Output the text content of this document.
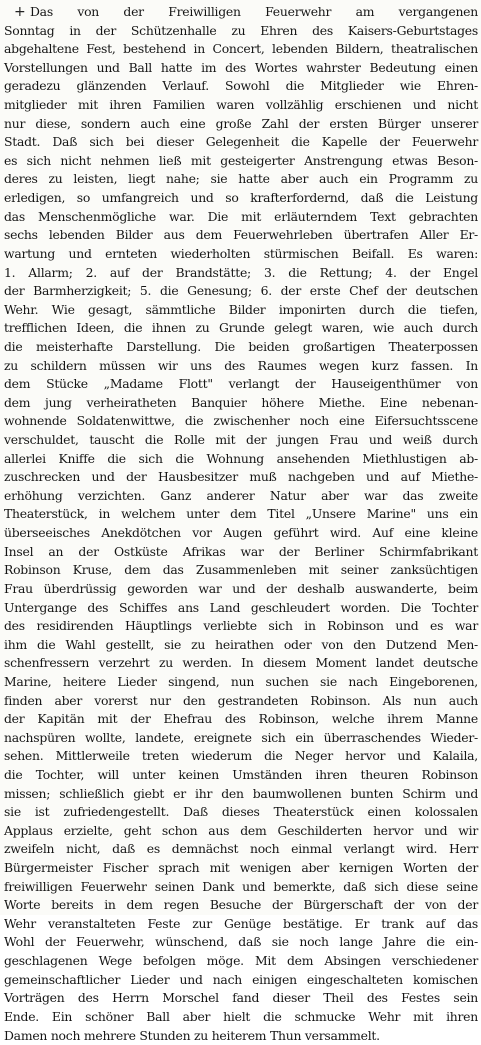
+ Das von der Freiwilligen Feuerwehr am vergangenen
Sonntag in der Schützenhalle zu Ehren des Kaisers-Geburtstages
abgehaltene Fest, bestehend in Concert, lebenden Bildern, theatralischen
Vorstellungen und Ball hatte im des Wortes wahrster Bedeutung einen
geradezu glänzenden Verlauf. Sowohl die Mitglieder wie Ehren-
mitglieder mit ihren Familien waren vollzählig erschienen und nicht
nur diese, sondern auch eine große Zahl der ersten Bürger unserer
Stadt. Daß sich bei dieser Gelegenheit die Kapelle der Feuerwehr
es sich nicht nehmen ließ mit gesteigerter Anstrengung etwas Beson-
deres zu leisten, liegt nahe; sie hatte aber auch ein Programm zu
erledigen, so umfangreich und so krafterfordernd, daß die Leistung
das Menschenmögliche war. Die mit erläuterndem Text gebrachten
sechs lebenden Bilder aus dem Feuerwehrleben übertrafen Aller Er-
wartung und ernteten wiederholten stürmischen Beifall. Es waren:
1. Allarm; 2. auf der Brandstätte; 3. die Rettung; 4. der Engel
der Barmherzigkeit; 5. die Genesung; 6. der erste Chef der deutschen
Wehr. Wie gesagt, sämmtliche Bilder imponirten durch die tiefen,
trefflichen Ideen, die ihnen zu Grunde gelegt waren, wie auch durch
die meisterhafte Darstellung. Die beiden großartigen Theaterpossen
zu schildern müssen wir uns des Raumes wegen kurz fassen. In
dem Stücke „Madame Flott" verlangt der Hauseigenthümer von
dem jung verheiratheten Banquier höhere Miethe. Eine nebenan-
wohnende Soldatenwittwe, die zwischenher noch eine Eifersuchtsscene
verschuldet, tauscht die Rolle mit der jungen Frau und weiß durch
allerlei Kniffe die sich die Wohnung ansehenden Miethlustigen ab-
zuschrecken und der Hausbesitzer muß nachgeben und auf Miethe-
erhöhung verzichten. Ganz anderer Natur aber war das zweite
Theaterstück, in welchem unter dem Titel „Unsere Marine" uns ein
überseeisches Anekdötchen vor Augen geführt wird. Auf eine kleine
Insel an der Ostküste Afrikas war der Berliner Schirmfabrikant
Robinson Kruse, dem das Zusammenleben mit seiner zanksüchtigen
Frau überdrüssig geworden war und der deshalb auswanderte, beim
Untergange des Schiffes ans Land geschleudert worden. Die Tochter
des residirenden Häuptlings verliebte sich in Robinson und es war
ihm die Wahl gestellt, sie zu heirathen oder von den Dutzend Men-
schenfressern verzehrt zu werden. In diesem Moment landet deutsche
Marine, heitere Lieder singend, nun suchen sie nach Eingeborenen,
finden aber vorerst nur den gestrandeten Robinson. Als nun auch
der Kapitän mit der Ehefrau des Robinson, welche ihrem Manne
nachspüren wollte, landete, ereignete sich ein überraschendes Wieder-
sehen. Mittlerweile treten wiederum die Neger hervor und Kalaila,
die Tochter, will unter keinen Umständen ihren theuren Robinson
missen; schließlich giebt er ihr den baumwollenen bunten Schirm und
sie ist zufriedengestellt. Daß dieses Theaterstück einen kolossalen
Applaus erzielte, geht schon aus dem Geschilderten hervor und wir
zweifeln nicht, daß es demnächst noch einmal verlangt wird. Herr
Bürgermeister Fischer sprach mit wenigen aber kernigen Worten der
freiwilligen Feuerwehr seinen Dank und bemerkte, daß sich diese seine
Worte bereits in dem regen Besuche der Bürgerschaft der von der
Wehr veranstalteten Feste zur Genüge bestätige. Er trank auf das
Wohl der Feuerwehr, wünschend, daß sie noch lange Jahre die ein-
geschlagenen Wege befolgen möge. Mit dem Absingen verschiedener
gemeinschaftlicher Lieder und nach einigen eingeschalteten komischen
Vorträgen des Herrn Morschel fand dieser Theil des Festes sein
Ende. Ein schöner Ball aber hielt die schmucke Wehr mit ihren
Damen noch mehrere Stunden zu heiterem Thun versammelt.
